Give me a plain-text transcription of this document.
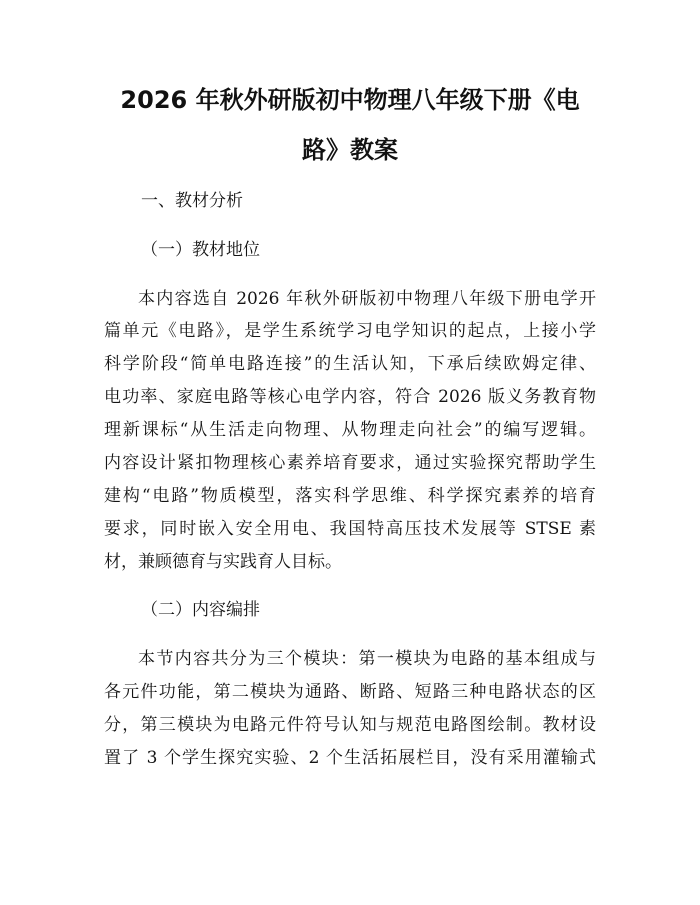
2026 年秋外研版初中物理八年级下册《电
路》教案
一、教材分析
（一）教材地位
本内容选自 2026 年秋外研版初中物理八年级下册电学开
篇单元《电路》，是学生系统学习电学知识的起点，上接小学
科学阶段“简单电路连接”的生活认知，下承后续欧姆定律、
电功率、家庭电路等核心电学内容，符合 2026 版义务教育物
理新课标“从生活走向物理、从物理走向社会”的编写逻辑。
内容设计紧扣物理核心素养培育要求，通过实验探究帮助学生
建构“电路”物质模型，落实科学思维、科学探究素养的培育
要求，同时嵌入安全用电、我国特高压技术发展等 STSE 素
材，兼顾德育与实践育人目标。
（二）内容编排
本节内容共分为三个模块：第一模块为电路的基本组成与
各元件功能，第二模块为通路、断路、短路三种电路状态的区
分，第三模块为电路元件符号认知与规范电路图绘制。教材设
置了 3 个学生探究实验、2 个生活拓展栏目，没有采用灌输式
